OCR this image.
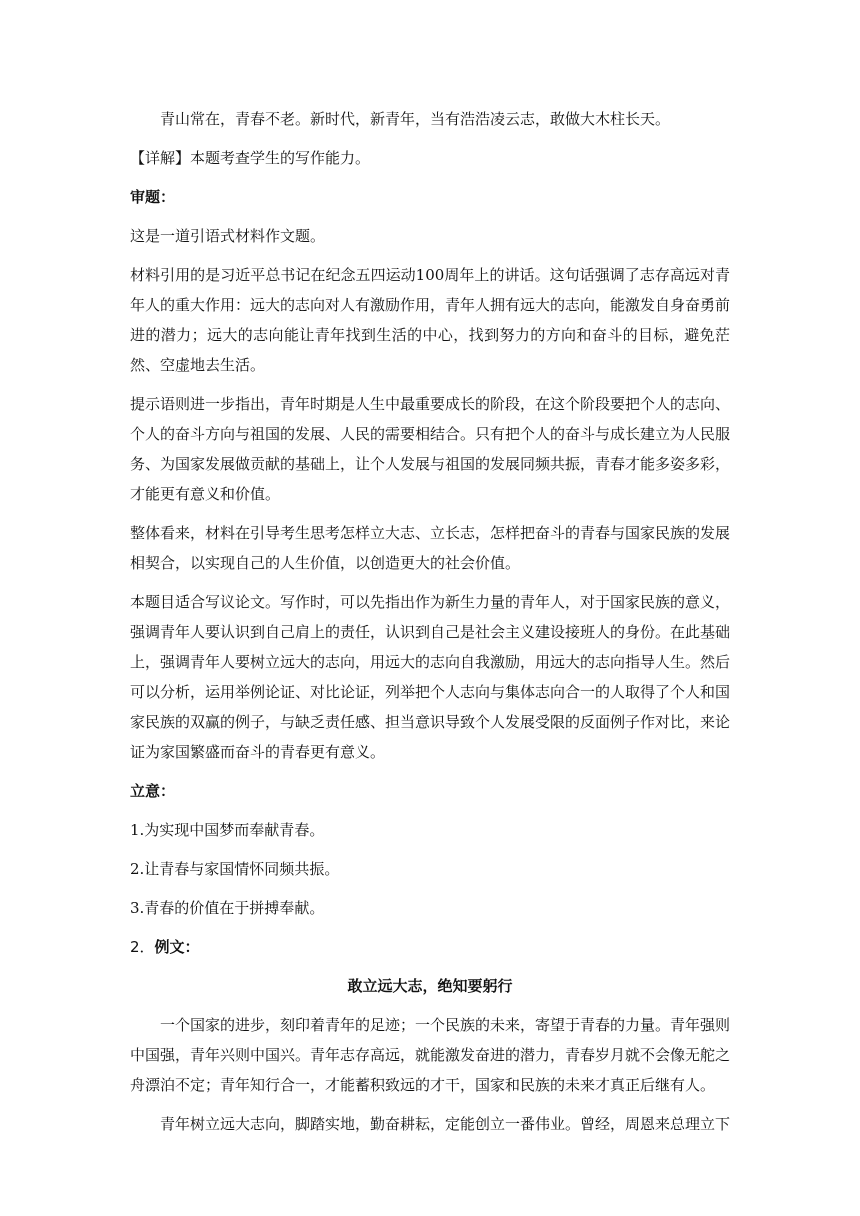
青山常在，青春不老。新时代，新青年，当有浩浩凌云志，敢做大木柱长天。

【详解】本题考查学生的写作能力。

审题：

这是一道引语式材料作文题。

材料引用的是习近平总书记在纪念五四运动100周年上的讲话。这句话强调了志存高远对青年人的重大作用：远大的志向对人有激励作用，青年人拥有远大的志向，能激发自身奋勇前进的潜力；远大的志向能让青年找到生活的中心，找到努力的方向和奋斗的目标，避免茫然、空虚地去生活。

提示语则进一步指出，青年时期是人生中最重要成长的阶段，在这个阶段要把个人的志向、个人的奋斗方向与祖国的发展、人民的需要相结合。只有把个人的奋斗与成长建立为人民服务、为国家发展做贡献的基础上，让个人发展与祖国的发展同频共振，青春才能多姿多彩，才能更有意义和价值。

整体看来，材料在引导考生思考怎样立大志、立长志，怎样把奋斗的青春与国家民族的发展相契合，以实现自己的人生价值，以创造更大的社会价值。

本题目适合写议论文。写作时，可以先指出作为新生力量的青年人，对于国家民族的意义，强调青年人要认识到自己肩上的责任，认识到自己是社会主义建设接班人的身份。在此基础上，强调青年人要树立远大的志向，用远大的志向自我激励，用远大的志向指导人生。然后可以分析，运用举例论证、对比论证，列举把个人志向与集体志向合一的人取得了个人和国家民族的双赢的例子，与缺乏责任感、担当意识导致个人发展受限的反面例子作对比，来论证为家国繁盛而奋斗的青春更有意义。

立意：

1.为实现中国梦而奉献青春。

2.让青春与家国情怀同频共振。

3.青春的价值在于拼搏奉献。

2．例文：

敢立远大志，绝知要躬行

一个国家的进步，刻印着青年的足迹；一个民族的未来，寄望于青春的力量。青年强则中国强，青年兴则中国兴。青年志存高远，就能激发奋进的潜力，青春岁月就不会像无舵之舟漂泊不定；青年知行合一，才能蓄积致远的才干，国家和民族的未来才真正后继有人。

青年树立远大志向，脚踏实地，勤奋耕耘，定能创立一番伟业。曾经，周恩来总理立下
